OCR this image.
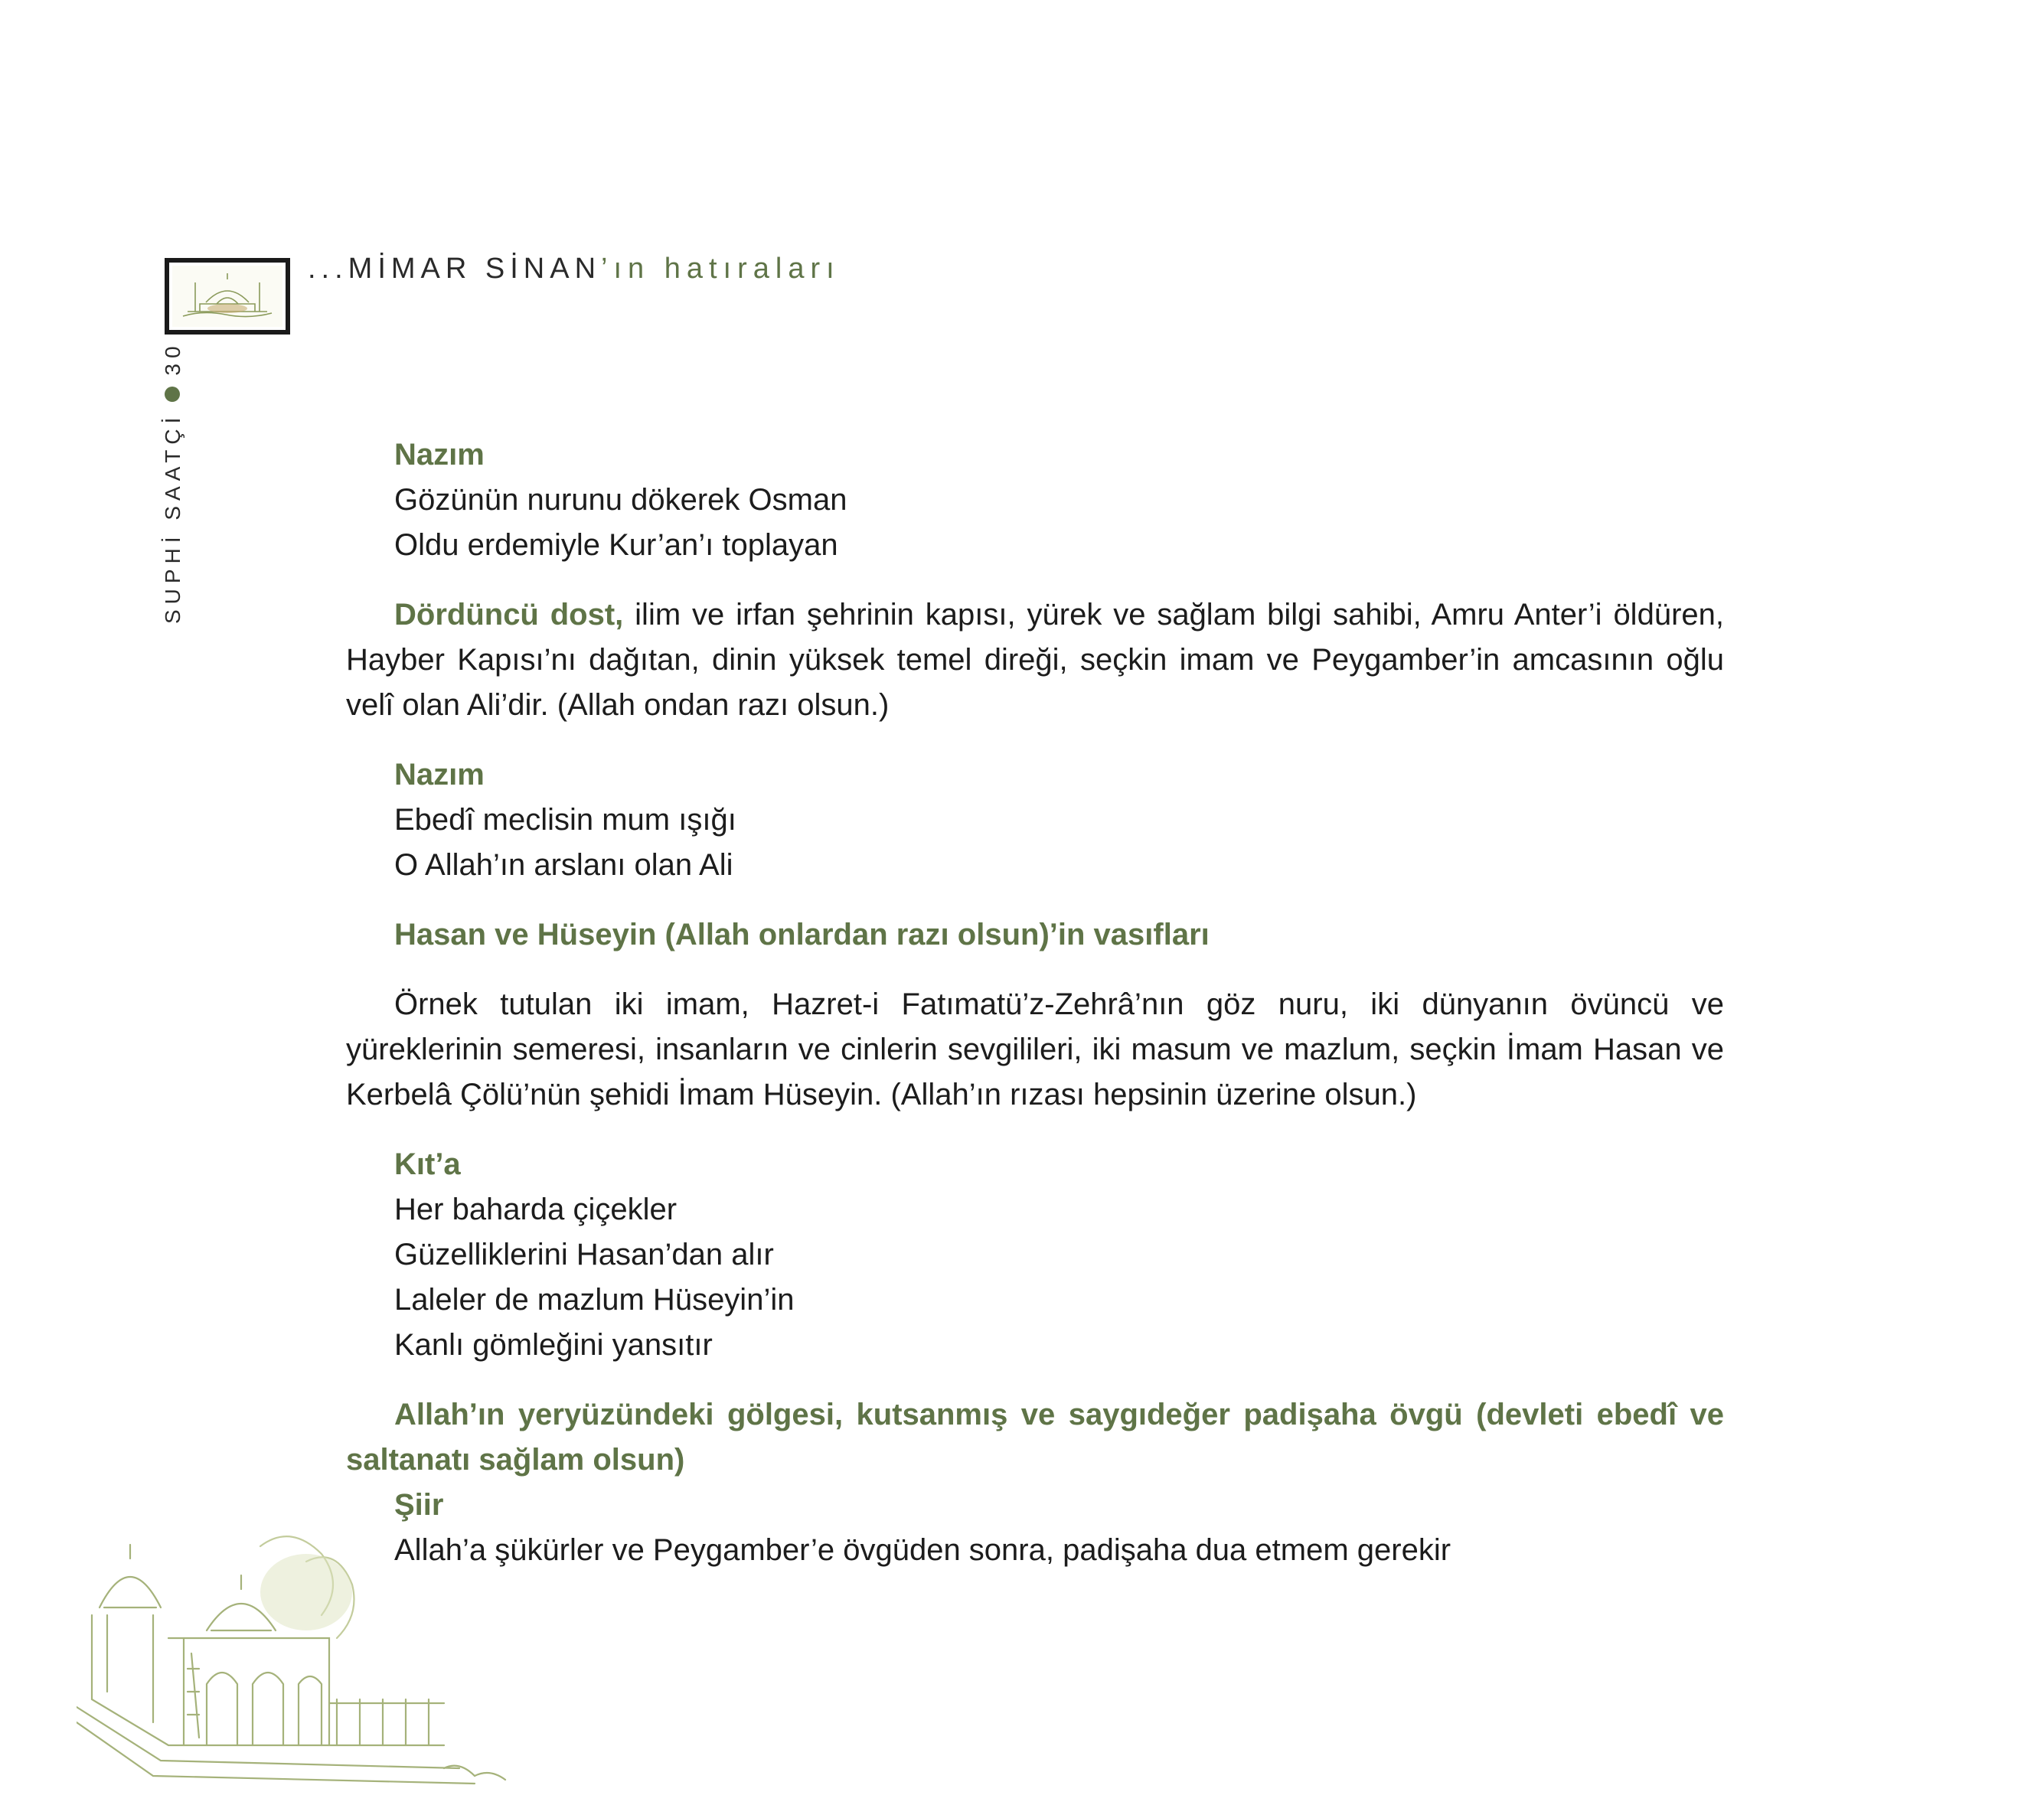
...MİMAR SİNAN’ın hatıraları
SUPHİ SAATÇİ30
Nazım
Gözünün nurunu dökerek Osman
Oldu erdemiyle Kur’an’ı toplayan

Dördüncü dost, ilim ve irfan şehrinin kapısı, yürek ve sağlam bilgi sahibi, Amru Anter’i öldüren, Hayber Kapısı’nı dağıtan, dinin yüksek temel direği, seçkin imam ve Peygamber’in amcasının oğlu velî olan Ali’dir. (Allah ondan razı olsun.)

Nazım
Ebedî meclisin mum ışığı
O Allah’ın arslanı olan Ali
Hasan ve Hüseyin (Allah onlardan razı olsun)’in vasıfları

Örnek tutulan iki imam, Hazret-i Fatımatü’z-Zehrâ’nın göz nuru, iki dünyanın övüncü ve yüreklerinin semeresi, insanların ve cinlerin sevgilileri, iki masum ve mazlum, seçkin İmam Hasan ve Kerbelâ Çölü’nün şehidi İmam Hüseyin. (Allah’ın rızası hepsinin üzerine olsun.)

Kıt’a
Her baharda çiçekler
Güzelliklerini Hasan’dan alır
Laleler de mazlum Hüseyin’in
Kanlı gömleğini yansıtır

Allah’ın yeryüzündeki gölgesi, kutsanmış ve saygıdeğer padişaha övgü (devleti ebedî ve saltanatı sağlam olsun)

Şiir
Allah’a şükürler ve Peygamber’e övgüden sonra, padişaha dua etmem gerekir
